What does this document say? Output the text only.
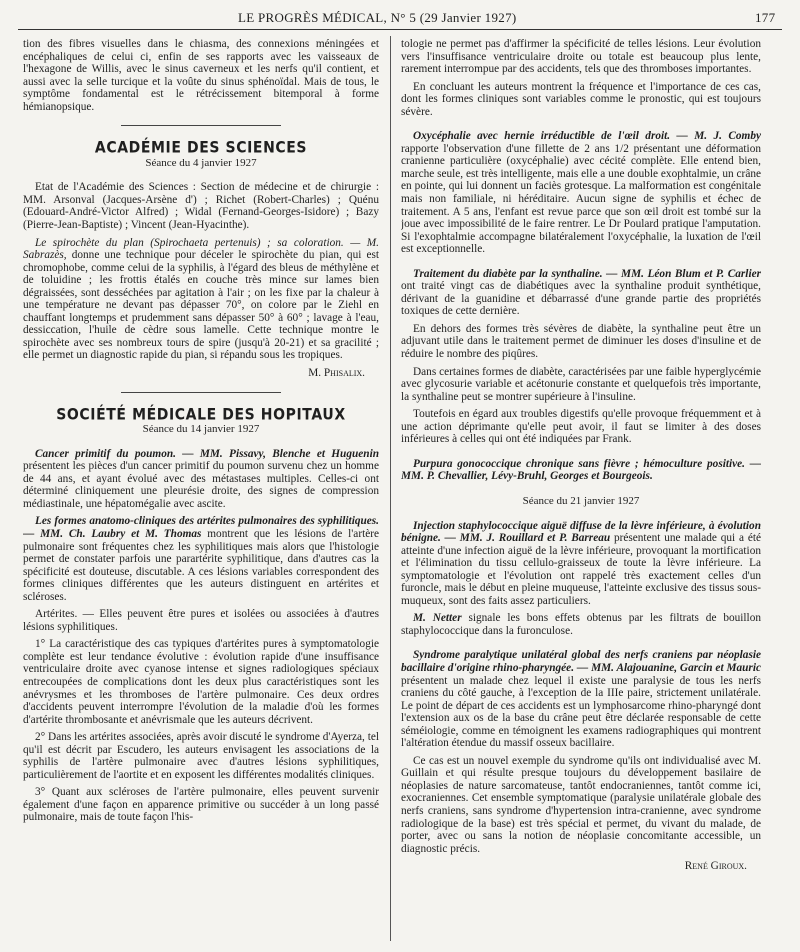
LE PROGRÈS MÉDICAL, N° 5 (29 Janvier 1927)	177

tion des fibres visuelles dans le chiasma, des connexions méningées et encéphaliques de celui ci, enfin de ses rapports avec les vaisseaux de l'hexagone de Willis, avec le sinus caverneux et les nerfs qu'il contient, et aussi avec la selle turcique et la voûte du sinus sphénoïdal. Mais de tous, le symptôme fondamental est le rétrécissement bitemporal à forme hémianopsique.

ACADÉMIE DES SCIENCES
Séance du 4 janvier 1927

Etat de l'Académie des Sciences : Section de médecine et de chirurgie : MM. Arsonval (Jacques-Arsène d') ; Richet (Robert-Charles) ; Quénu (Edouard-André-Victor Alfred) ; Widal (Fernand-Georges-Isidore) ; Bazy (Pierre-Jean-Baptiste) ; Vincent (Jean-Hyacinthe).

Le spirochète du plan (Spirochaeta pertenuis) ; sa coloration. — M. Sabrazès, donne une technique pour déceler le spirochète du pian, qui est chromophobe, comme celui de la syphilis, à l'égard des bleus de méthylène et de toluidine ; les frottis étalés en couche très mince sur lames bien dégraissées, sont desséchées par agitation à l'air ; on les fixe par la chaleur à une température ne devant pas dépasser 70°, on colore par le Ziehl en chauffant longtemps et prudemment sans dépasser 50° à 60° ; lavage à l'eau, dessiccation, l'huile de cèdre sous lamelle. Cette technique montre le spirochète avec ses nombreux tours de spire (jusqu'à 20-21) et sa gracilité ; elle permet un diagnostic rapide du pian, si répandu sous les tropiques.

M. Phisalix.
SOCIÉTÉ MÉDICALE DES HOPITAUX
Séance du 14 janvier 1927

Cancer primitif du poumon. — MM. Pissavy, Blenche et Huguenin présentent les pièces d'un cancer primitif du poumon survenu chez un homme de 44 ans, et ayant évolué avec des métastases multiples. Celles-ci ont déterminé cliniquement une pleurésie droite, des signes de compression médiastinale, une hépatomégalie avec ascite.

Les formes anatomo-cliniques des artérites pulmonaires des syphilitiques. — MM. Ch. Laubry et M. Thomas montrent que les lésions de l'artère pulmonaire sont fréquentes chez les syphilitiques mais alors que l'histologie permet de constater parfois une parartérite syphilitique, dans d'autres cas la spécificité est douteuse, discutable. A ces lésions variables correspondent des formes cliniques différentes que les auteurs distinguent en artérites et scléroses.

Artérites. — Elles peuvent être pures et isolées ou associées à d'autres lésions syphilitiques.

1° La caractéristique des cas typiques d'artérites pures à symptomatologie complète est leur tendance évolutive : évolution rapide d'une insuffisance ventriculaire droite avec cyanose intense et signes radiologiques spéciaux entrecoupées de complications dont les deux plus caractéristiques sont les anévrysmes et les thromboses de l'artère pulmonaire. Ces deux ordres d'accidents peuvent interrompre l'évolution de la maladie d'où les formes d'artérite thrombosante et anévrismale que les auteurs décrivent.

2° Dans les artérites associées, après avoir discuté le syndrome d'Ayerza, tel qu'il est décrit par Escudero, les auteurs envisagent les associations de la syphilis de l'artère pulmonaire avec d'autres lésions syphilitiques, particulièrement de l'aortite et en exposent les différentes modalités cliniques.

3° Quant aux scléroses de l'artère pulmonaire, elles peuvent survenir également d'une façon en apparence primitive ou succéder à un long passé pulmonaire, mais de toute façon l'his-

tologie ne permet pas d'affirmer la spécificité de telles lésions. Leur évolution vers l'insuffisance ventriculaire droite ou totale est beaucoup plus lente, rarement interrompue par des accidents, tels que des thromboses importantes.

En concluant les auteurs montrent la fréquence et l'importance de ces cas, dont les formes cliniques sont variables comme le pronostic, qui est toujours sévère.

Oxycéphalie avec hernie irréductible de l'œil droit. — M. J. Comby rapporte l'observation d'une fillette de 2 ans 1/2 présentant une déformation cranienne particulière (oxycéphalie) avec cécité complète. Elle entend bien, marche seule, est très intelligente, mais elle a une double exophtalmie, un crâne en pointe, qui lui donnent un faciès grotesque. La malformation est congénitale mais non familiale, ni héréditaire. Aucun signe de syphilis et échec de traitement. A 5 ans, l'enfant est revue parce que son œil droit est tombé sur la joue avec impossibilité de le faire rentrer. Le Dr Poulard pratique l'amputation. Si l'exophtalmie accompagne bilatéralement l'oxycéphalie, la luxation de l'œil est exceptionnelle.

Traitement du diabète par la synthaline. — MM. Léon Blum et P. Carlier ont traité vingt cas de diabétiques avec la synthaline produit synthétique, dérivant de la guanidine et débarrassé d'une grande partie des propriétés toxiques de cette dernière.

En dehors des formes très sévères de diabète, la synthaline peut être un adjuvant utile dans le traitement permet de diminuer les doses d'insuline et de réduire le nombre des piqûres.

Dans certaines formes de diabète, caractérisées par une faible hyperglycémie avec glycosurie variable et acétonurie constante et quelquefois très importante, la synthaline peut se montrer supérieure à l'insuline.

Toutefois en égard aux troubles digestifs qu'elle provoque fréquemment et à une action déprimante qu'elle peut avoir, il faut se limiter à des doses inférieures à celles qui ont été indiquées par Frank.

Purpura gonococcique chronique sans fièvre ; hémoculture positive. — MM. P. Chevallier, Lévy-Bruhl, Georges et Bourgeois.

Séance du 21 janvier 1927

Injection staphylococcique aiguë diffuse de la lèvre inférieure, à évolution bénigne. — MM. J. Rouillard et P. Barreau présentent une malade qui a été atteinte d'une infection aiguë de la lèvre inférieure, provoquant la mortification et l'élimination du tissu cellulo-graisseux de toute la lèvre inférieure. La symptomatologie et l'évolution ont rappelé très exactement celles d'un furoncle, mais le début en pleine muqueuse, l'atteinte exclusive des tissus sous-muqueux, sont des faits assez particuliers.

M. Netter signale les bons effets obtenus par les filtrats de bouillon staphylococcique dans la furonculose.

Syndrome paralytique unilatéral global des nerfs craniens par néoplasie bacillaire d'origine rhino-pharyngée. — MM. Alajouanine, Garcin et Mauric présentent un malade chez lequel il existe une paralysie de tous les nerfs craniens du côté gauche, à l'exception de la IIIe paire, strictement unilatérale. Le point de départ de ces accidents est un lymphosarcome rhino-pharyngé dont l'extension aux os de la base du crâne peut être déclarée responsable de cette séméiologie, comme en témoignent les examens radiographiques qui montrent l'altération étendue du massif osseux bacillaire.

Ce cas est un nouvel exemple du syndrome qu'ils ont individualisé avec M. Guillain et qui résulte presque toujours du développement basilaire de néoplasies de nature sarcomateuse, tantôt endocraniennes, tantôt comme ici, exocraniennes. Cet ensemble symptomatique (paralysie unilatérale globale des nerfs craniens, sans syndrome d'hypertension intra-cranienne, avec syndrome radiologique de la base) est très spécial et permet, du vivant du malade, de porter, avec ou sans la notion de néoplasie concomitante accessible, un diagnostic précis.

René Giroux.
